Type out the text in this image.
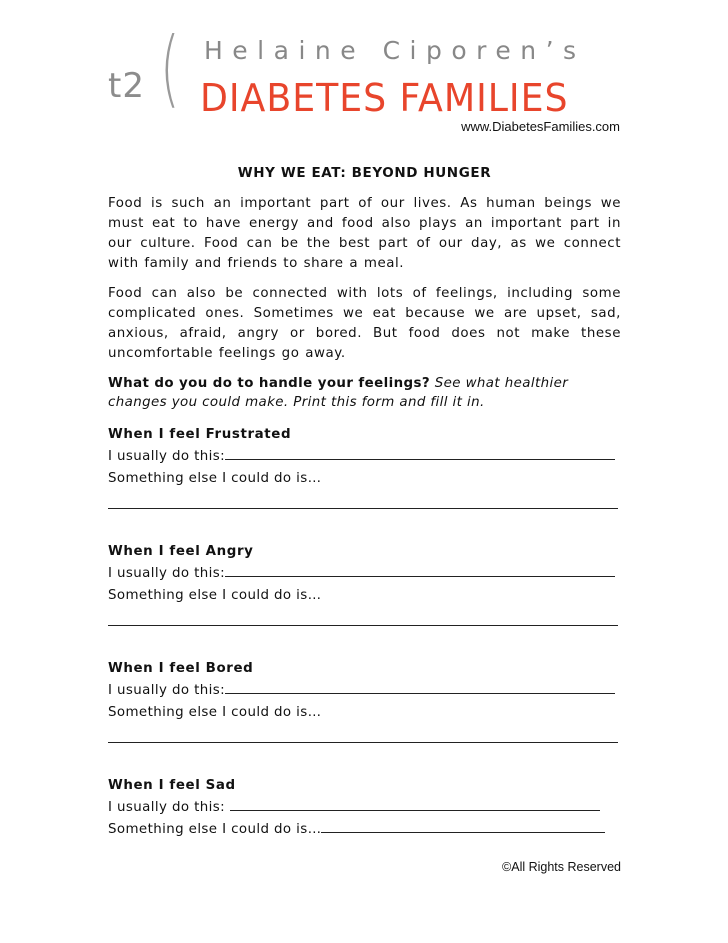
t2 ( Helaine Ciporen’s
DIABETES FAMILIES
www.DiabetesFamilies.com
WHY WE EAT: BEYOND HUNGER

Food is such an important part of our lives. As human beings we must eat to have energy and food also plays an important part in our culture. Food can be the best part of our day, as we connect with family and friends to share a meal.

Food can also be connected with lots of feelings, including some complicated ones. Sometimes we eat because we are upset, sad, anxious, afraid, angry or bored. But food does not make these uncomfortable feelings go away.

What do you do to handle your feelings? See what healthier changes you could make. Print this form and fill it in.

When I feel Frustrated
I usually do this:
Something else I could do is…
When I feel Angry
I usually do this:
Something else I could do is…
When I feel Bored
I usually do this:
Something else I could do is…
When I feel Sad
I usually do this:
Something else I could do is…
©All Rights Reserved
